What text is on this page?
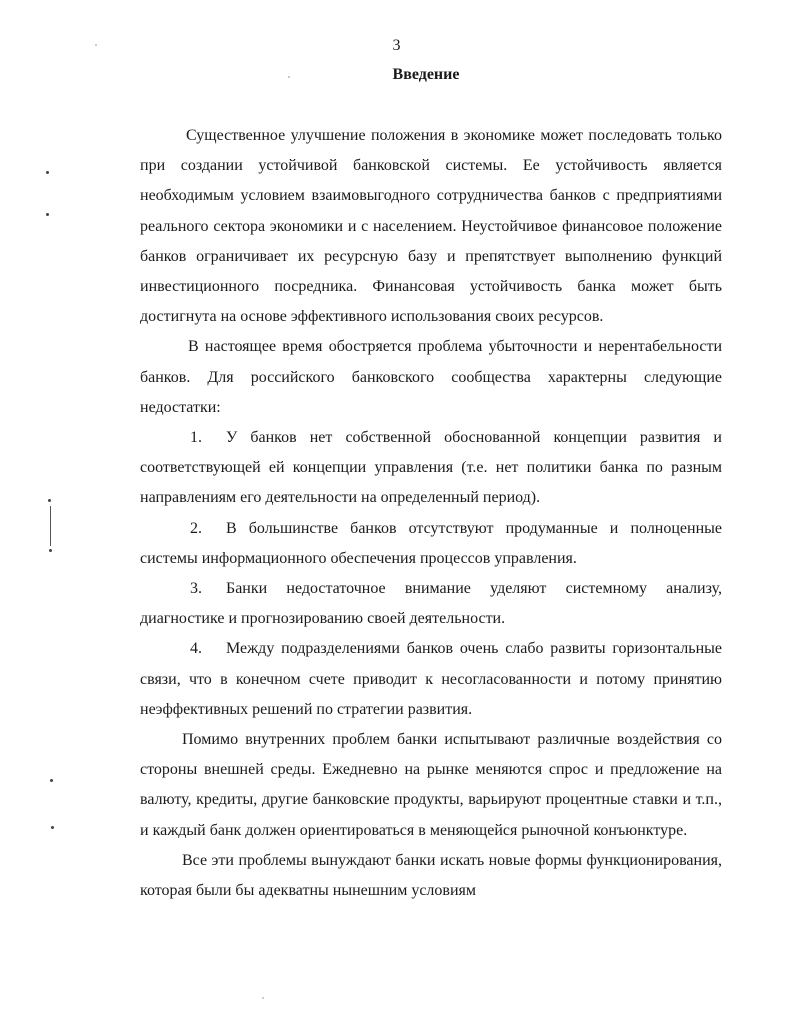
3
Введение

Существенное улучшение положения в экономике может последовать только при создании устойчивой банковской системы. Ее устойчивость является необходимым условием взаимовыгодного сотрудничества банков с предприятиями реального сектора экономики и с населением. Неустойчивое финансовое положение банков ограничивает их ресурсную базу и препятствует выполнению функций инвестиционного посредника. Финансовая устойчивость банка может быть достигнута на основе эффективного использования своих ресурсов.

В настоящее время обостряется проблема убыточности и нерентабельности банков. Для российского банковского сообщества характерны следующие недостатки:

1. У банков нет собственной обоснованной концепции развития и соответствующей ей концепции управления (т.е. нет политики банка по разным направлениям его деятельности на определенный период).

2. В большинстве банков отсутствуют продуманные и полноценные системы информационного обеспечения процессов управления.

3. Банки недостаточное внимание уделяют системному анализу, диагностике и прогнозированию своей деятельности.

4. Между подразделениями банков очень слабо развиты горизонтальные связи, что в конечном счете приводит к несогласованности и потому принятию неэффективных решений по стратегии развития.

Помимо внутренних проблем банки испытывают различные воздействия со стороны внешней среды. Ежедневно на рынке меняются спрос и предложение на валюту, кредиты, другие банковские продукты, варьируют процентные ставки и т.п., и каждый банк должен ориентироваться в меняющейся рыночной конъюнктуре.

Все эти проблемы вынуждают банки искать новые формы функционирования, которая были бы адекватны нынешним условиям
